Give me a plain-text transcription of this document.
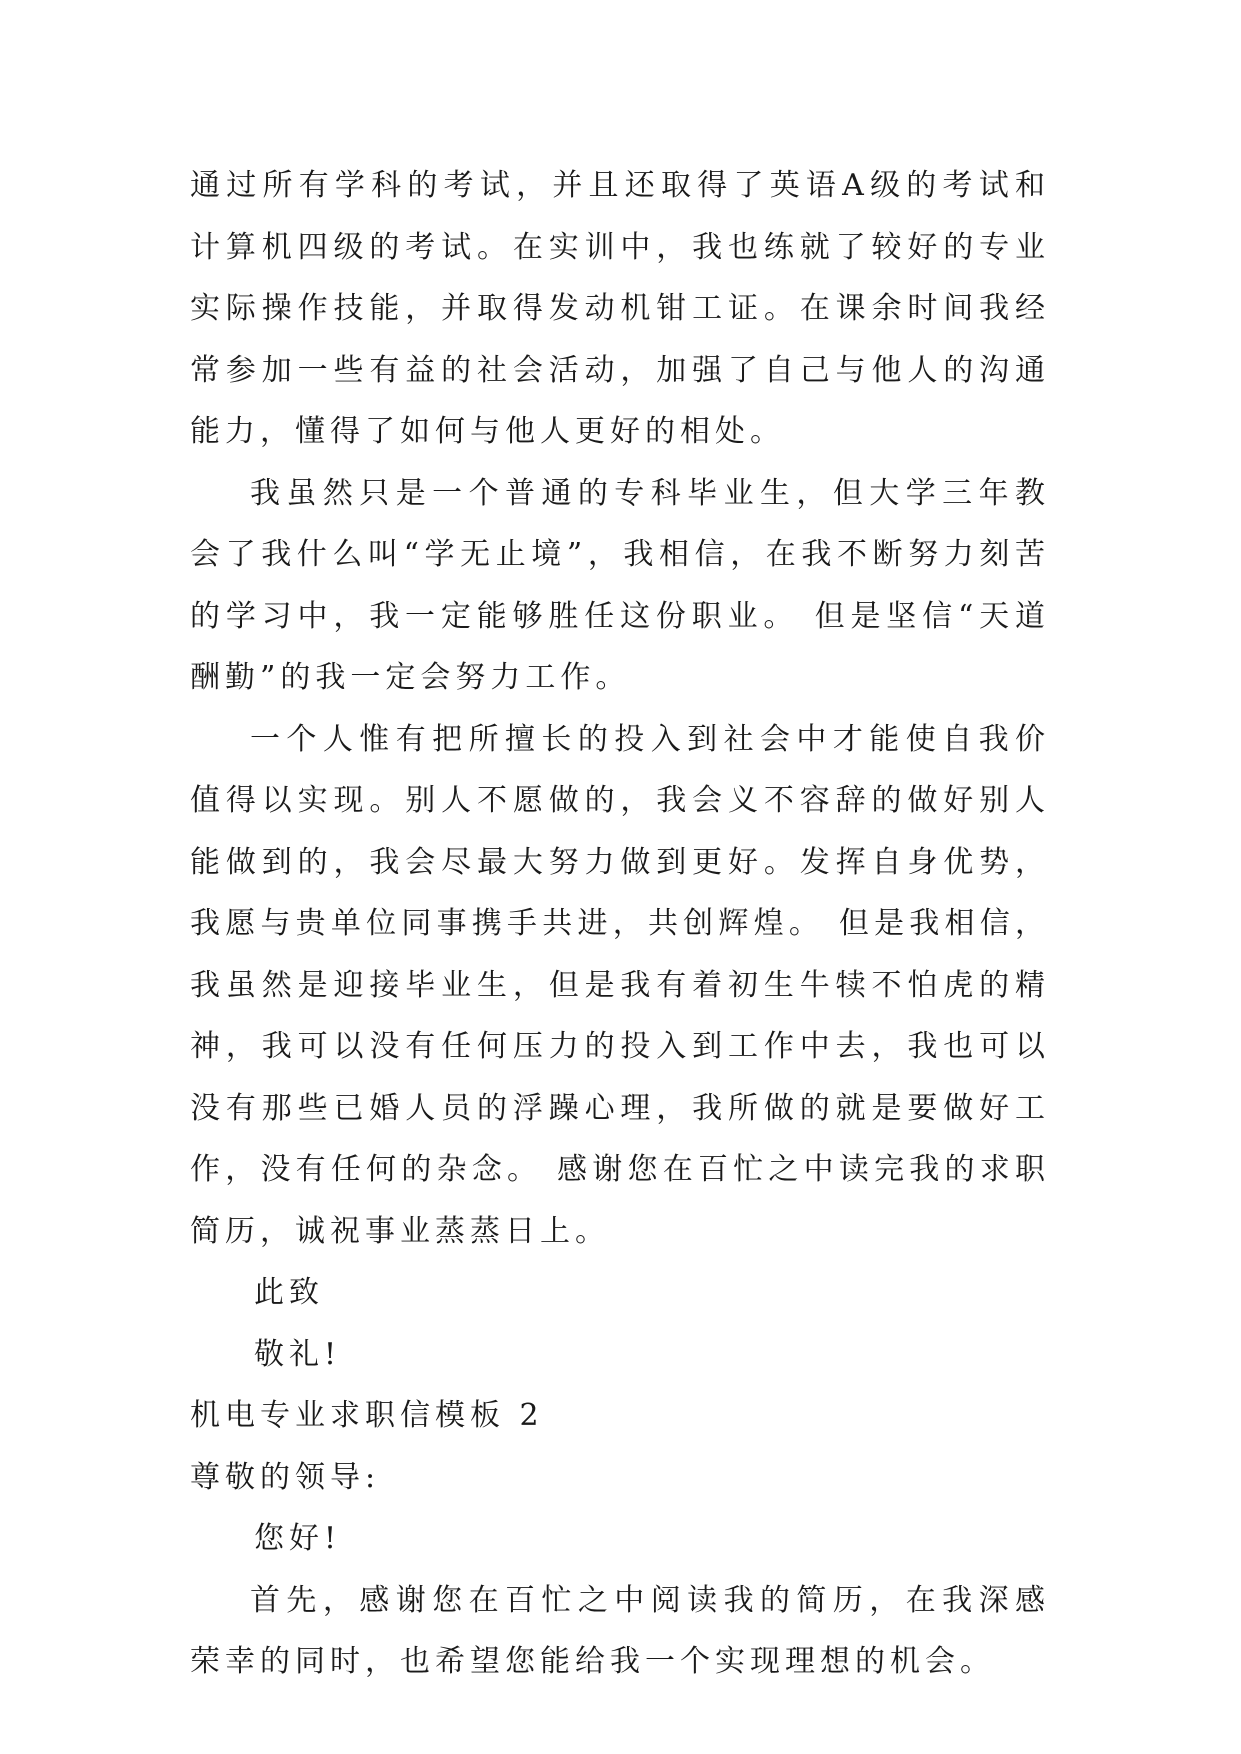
通过所有学科的考试，并且还取得了英语A级的考试和计算机四级的考试。在实训中，我也练就了较好的专业实际操作技能，并取得发动机钳工证。在课余时间我经常参加一些有益的社会活动，加强了自己与他人的沟通能力，懂得了如何与他人更好的相处。

我虽然只是一个普通的专科毕业生，但大学三年教会了我什么叫“学无止境”，我相信，在我不断努力刻苦的学习中，我一定能够胜任这份职业。 但是坚信“天道酬勤”的我一定会努力工作。

一个人惟有把所擅长的投入到社会中才能使自我价值得以实现。别人不愿做的，我会义不容辞的做好别人能做到的，我会尽最大努力做到更好。发挥自身优势，我愿与贵单位同事携手共进，共创辉煌。 但是我相信，我虽然是迎接毕业生，但是我有着初生牛犊不怕虎的精神，我可以没有任何压力的投入到工作中去，我也可以没有那些已婚人员的浮躁心理，我所做的就是要做好工作，没有任何的杂念。 感谢您在百忙之中读完我的求职简历，诚祝事业蒸蒸日上。

此致

敬礼!

机电专业求职信模板 2

尊敬的领导:

您好!

首先，感谢您在百忙之中阅读我的简历，在我深感荣幸的同时，也希望您能给我一个实现理想的机会。
